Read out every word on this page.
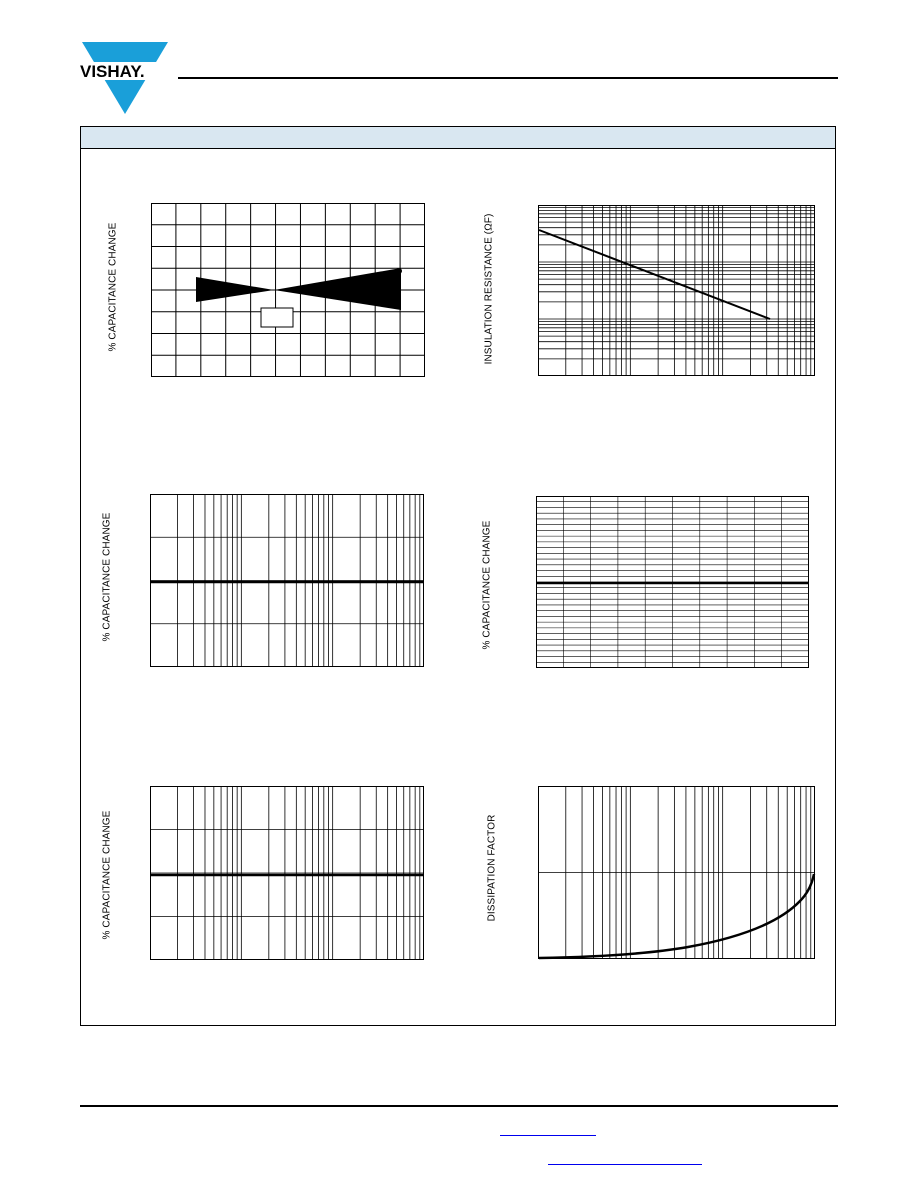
VISHAY.
% CAPACITANCE CHANGE	INSULATION RESISTANCE (ΩF)
% CAPACITANCE CHANGE	% CAPACITANCE CHANGE
% CAPACITANCE CHANGE	DISSIPATION FACTOR
